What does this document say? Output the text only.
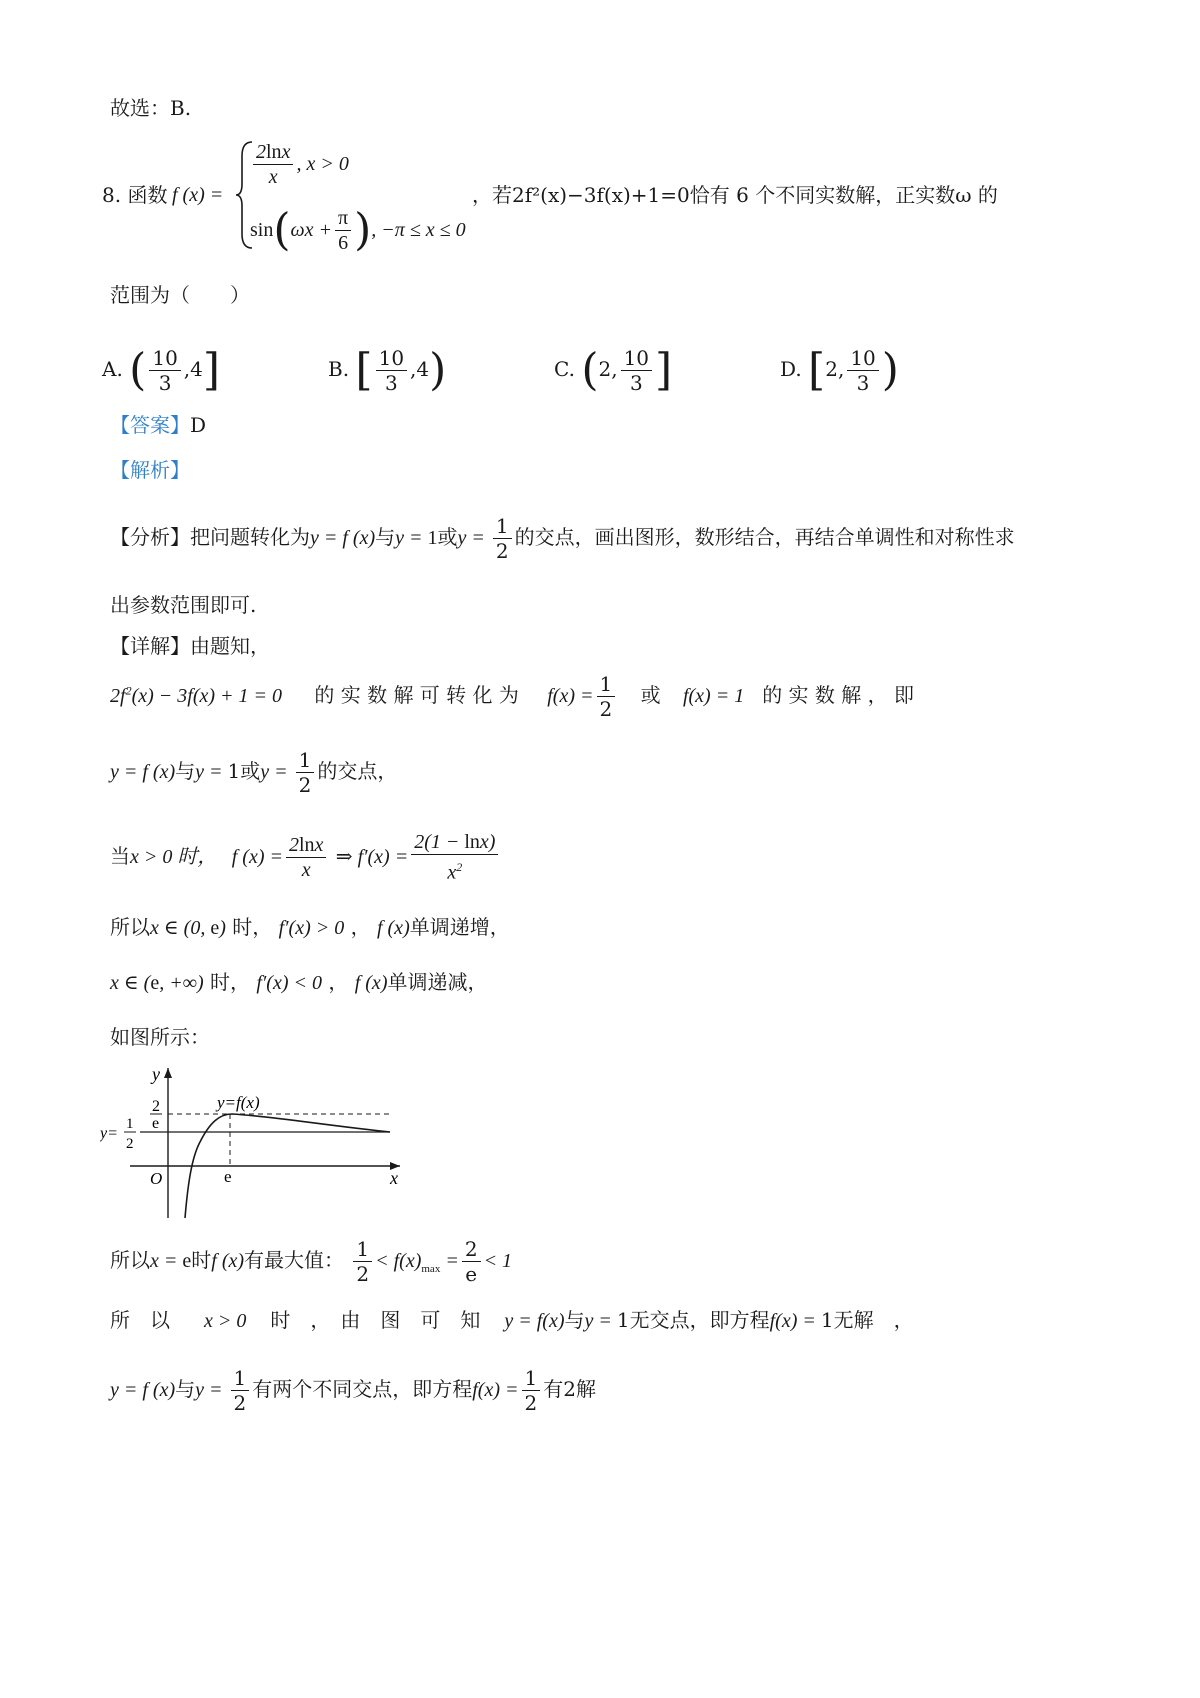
故选：B.
8. 函数 f (x) =
$\frac{2\ln x}{x}$ , x > 0
$\sin(\omega x + \frac{\pi}{6}$ ), −π ≤ x ≤ 0
，若2f²(x)−3f(x)+1=0恰有 6 个不同实数解，正实数ω 的
范围为（　　）
A. ( $\frac{10}{3} ,4$]	B. [ $\frac{10}{3} ,4$)	C. (2, $\frac{10}{3}$ ]	D. [2, $\frac{10}{3}$ )
【答案】D
【解析】
【分析】把问题转化为y = f (x)与y = 1或$y = \frac{1}{2}$ 的交点，画出图形，数形结合，再结合单调性和对称性求
出参数范围即可.
【详解】由题知，
$2f^2(x) - 3f(x) + 1 = 0$ 的 实 数 解 可 转 化 为 $f(x) = \frac{1}{2}$ 或 f(x) = 1 的 实 数 解 ， 即
y = f (x)与y = 1或$y = \frac{1}{2}$ 的交点，
当x > 0 时， f $(x) = \frac{2\ln x}{x}$ ⇒ $f'(x) = \frac{2(1 - \ln x)}{x^2}$
所以x ∈ (0, e) 时， f′(x) > 0 ， f (x)单调递增，
x ∈ (e, +∞) 时， f′(x) < 0 ， f (x)单调递减，
如图所示：
y
x
O	e
y=f(x)
2
e
y=
1
2
所以x = e时f (x)有最大值： $\frac{1}{2} < f(x)_{max} = \frac{2}{e} < 1$
所　以 x > 0 时　，　由　图　可　知 y = f(x)与y = 1无交点，即方程f(x) = 1无解　，
y = f (x)与$y = \frac{1}{2}$ 有两个不同交点，即方程$f(x) = \frac{1}{2}$ 有2解
